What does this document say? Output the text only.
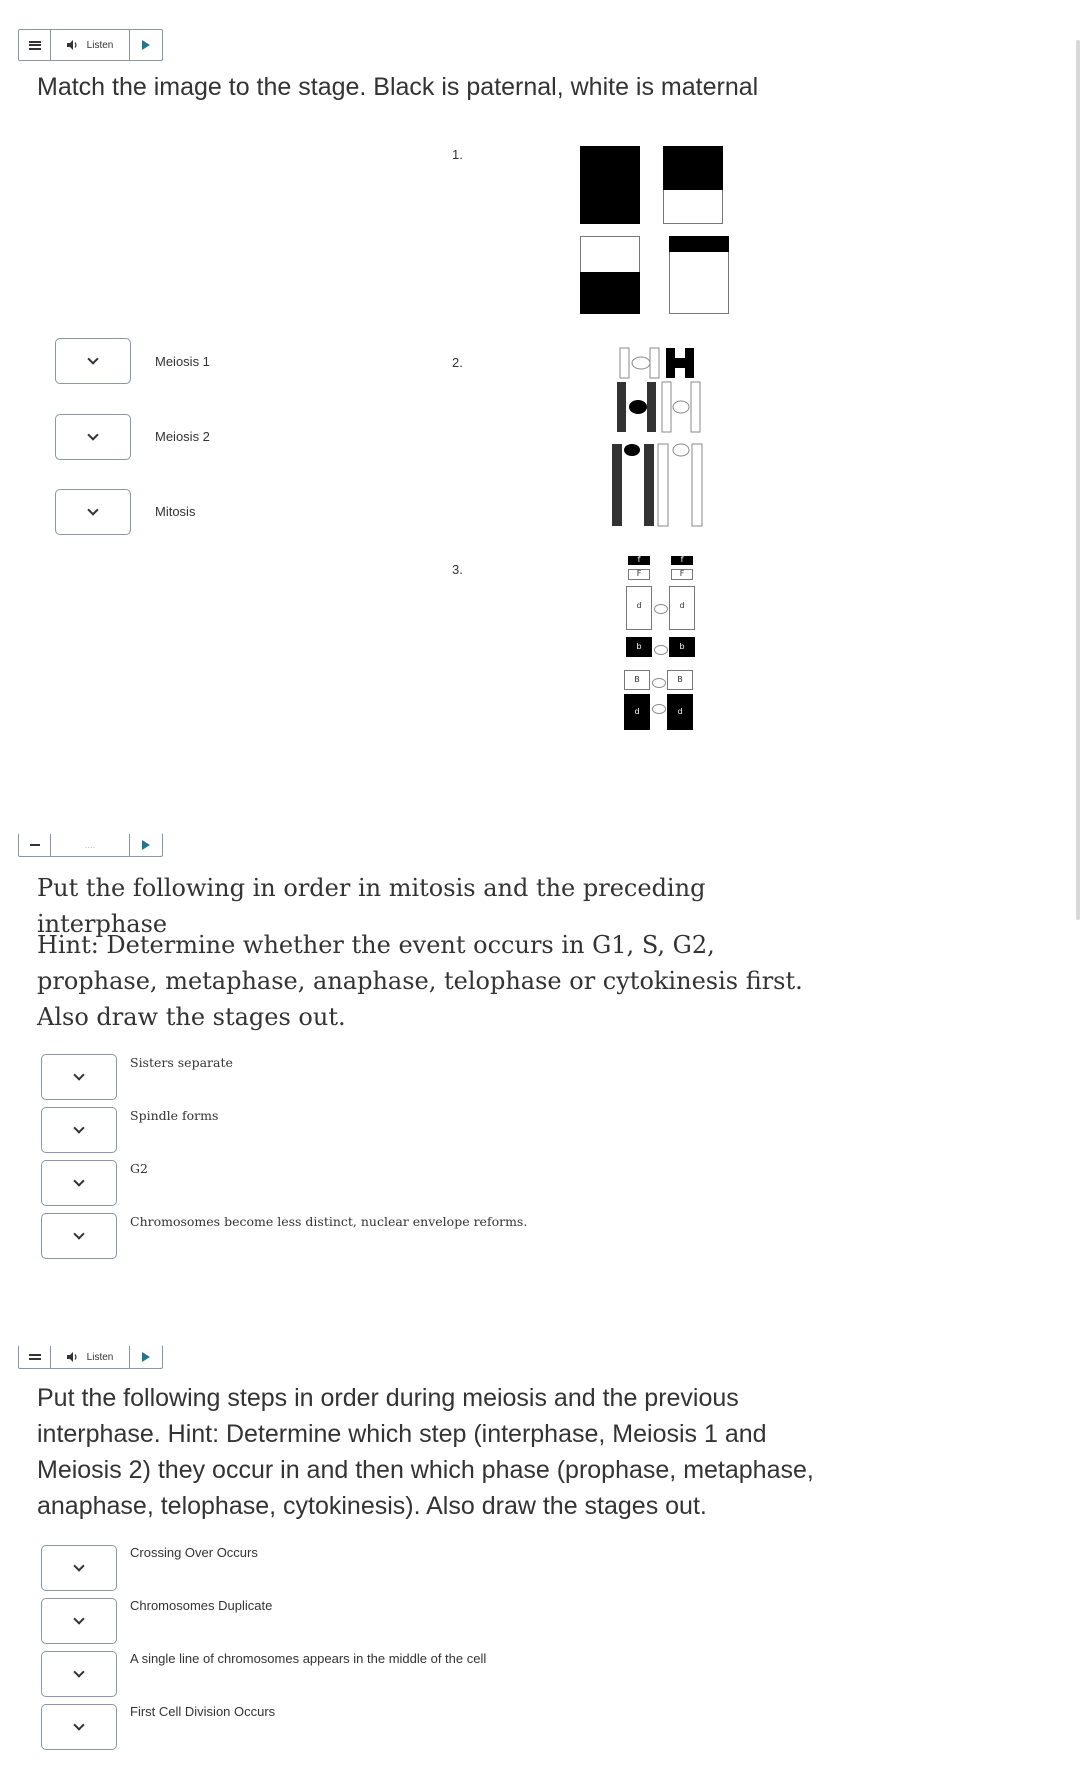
Listen
Match the image to the stage. Black is paternal, white is maternal
1.
2.
3.
f	f
F	F
d	d
b	b
B	B
d	d
Meiosis 1
Meiosis 2
Mitosis
....
Put the following in order in mitosis and the preceding interphase
Hint: Determine whether the event occurs in G1, S, G2, prophase, metaphase, anaphase, telophase or cytokinesis first. Also draw the stages out.
Sisters separate
Spindle forms
G2
Chromosomes become less distinct, nuclear envelope reforms.
Listen
Put the following steps in order during meiosis and the previous interphase. Hint: Determine which step (interphase, Meiosis 1 and Meiosis 2) they occur in and then which phase (prophase, metaphase, anaphase, telophase, cytokinesis). Also draw the stages out.
Crossing Over Occurs
Chromosomes Duplicate
A single line of chromosomes appears in the middle of the cell
First Cell Division Occurs
